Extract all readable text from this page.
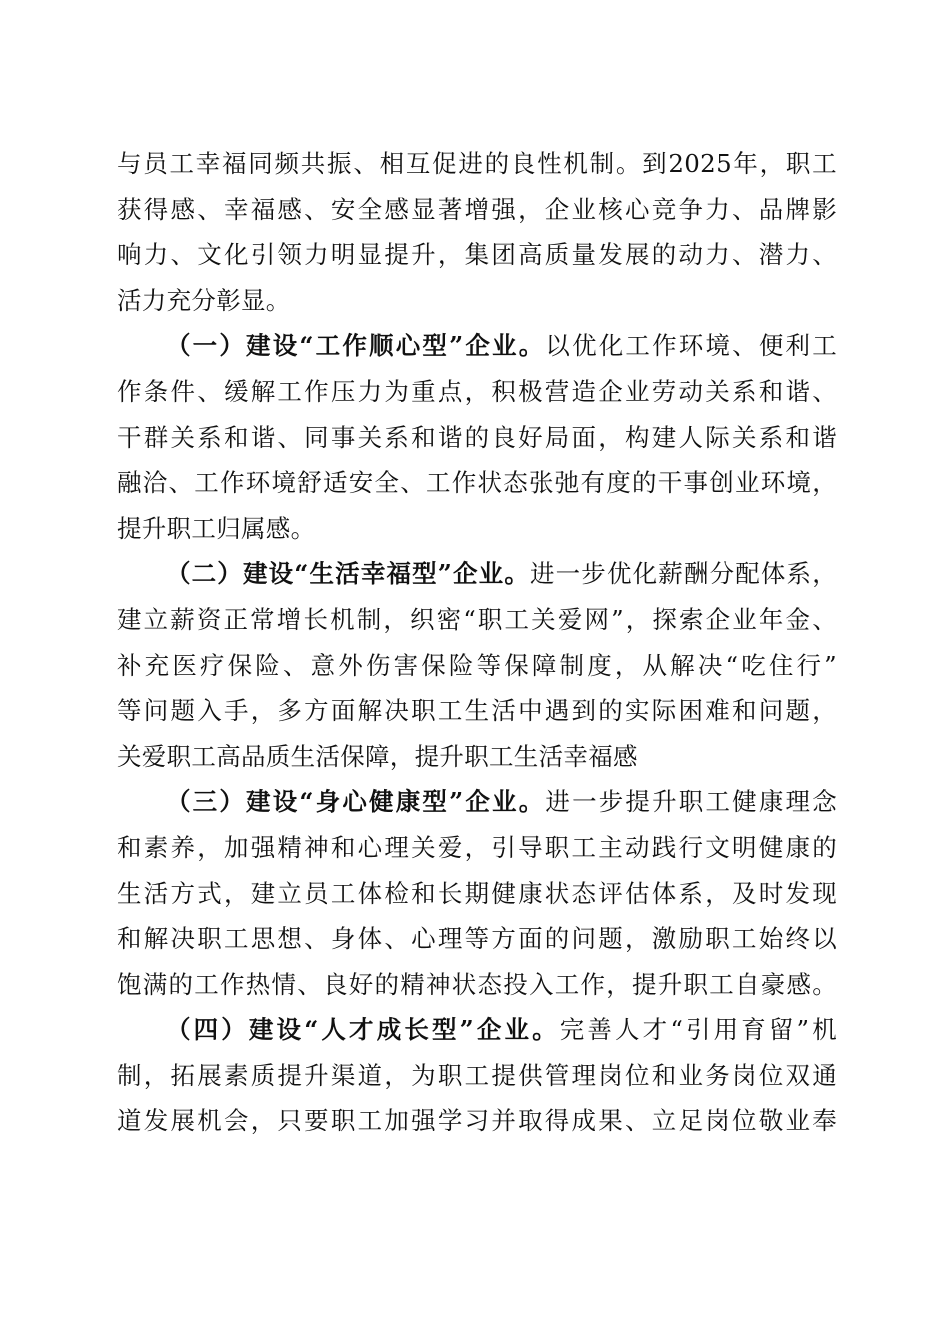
与员工幸福同频共振、相互促进的良性机制。到2025年，职工
获得感、幸福感、安全感显著增强，企业核心竞争力、品牌影
响力、文化引领力明显提升，集团高质量发展的动力、潜力、
活力充分彰显。
（一）建设“工作顺心型”企业。以优化工作环境、便利工
作条件、缓解工作压力为重点，积极营造企业劳动关系和谐、
干群关系和谐、同事关系和谐的良好局面，构建人际关系和谐
融洽、工作环境舒适安全、工作状态张弛有度的干事创业环境，
提升职工归属感。
（二）建设“生活幸福型”企业。进一步优化薪酬分配体系，
建立薪资正常增长机制，织密“职工关爱网”，探索企业年金、
补充医疗保险、意外伤害保险等保障制度，从解决“吃住行”
等问题入手，多方面解决职工生活中遇到的实际困难和问题，
关爱职工高品质生活保障，提升职工生活幸福感
（三）建设“身心健康型”企业。进一步提升职工健康理念
和素养，加强精神和心理关爱，引导职工主动践行文明健康的
生活方式，建立员工体检和长期健康状态评估体系，及时发现
和解决职工思想、身体、心理等方面的问题，激励职工始终以
饱满的工作热情、良好的精神状态投入工作，提升职工自豪感。
（四）建设“人才成长型”企业。完善人才“引用育留”机
制，拓展素质提升渠道，为职工提供管理岗位和业务岗位双通
道发展机会，只要职工加强学习并取得成果、立足岗位敬业奉
